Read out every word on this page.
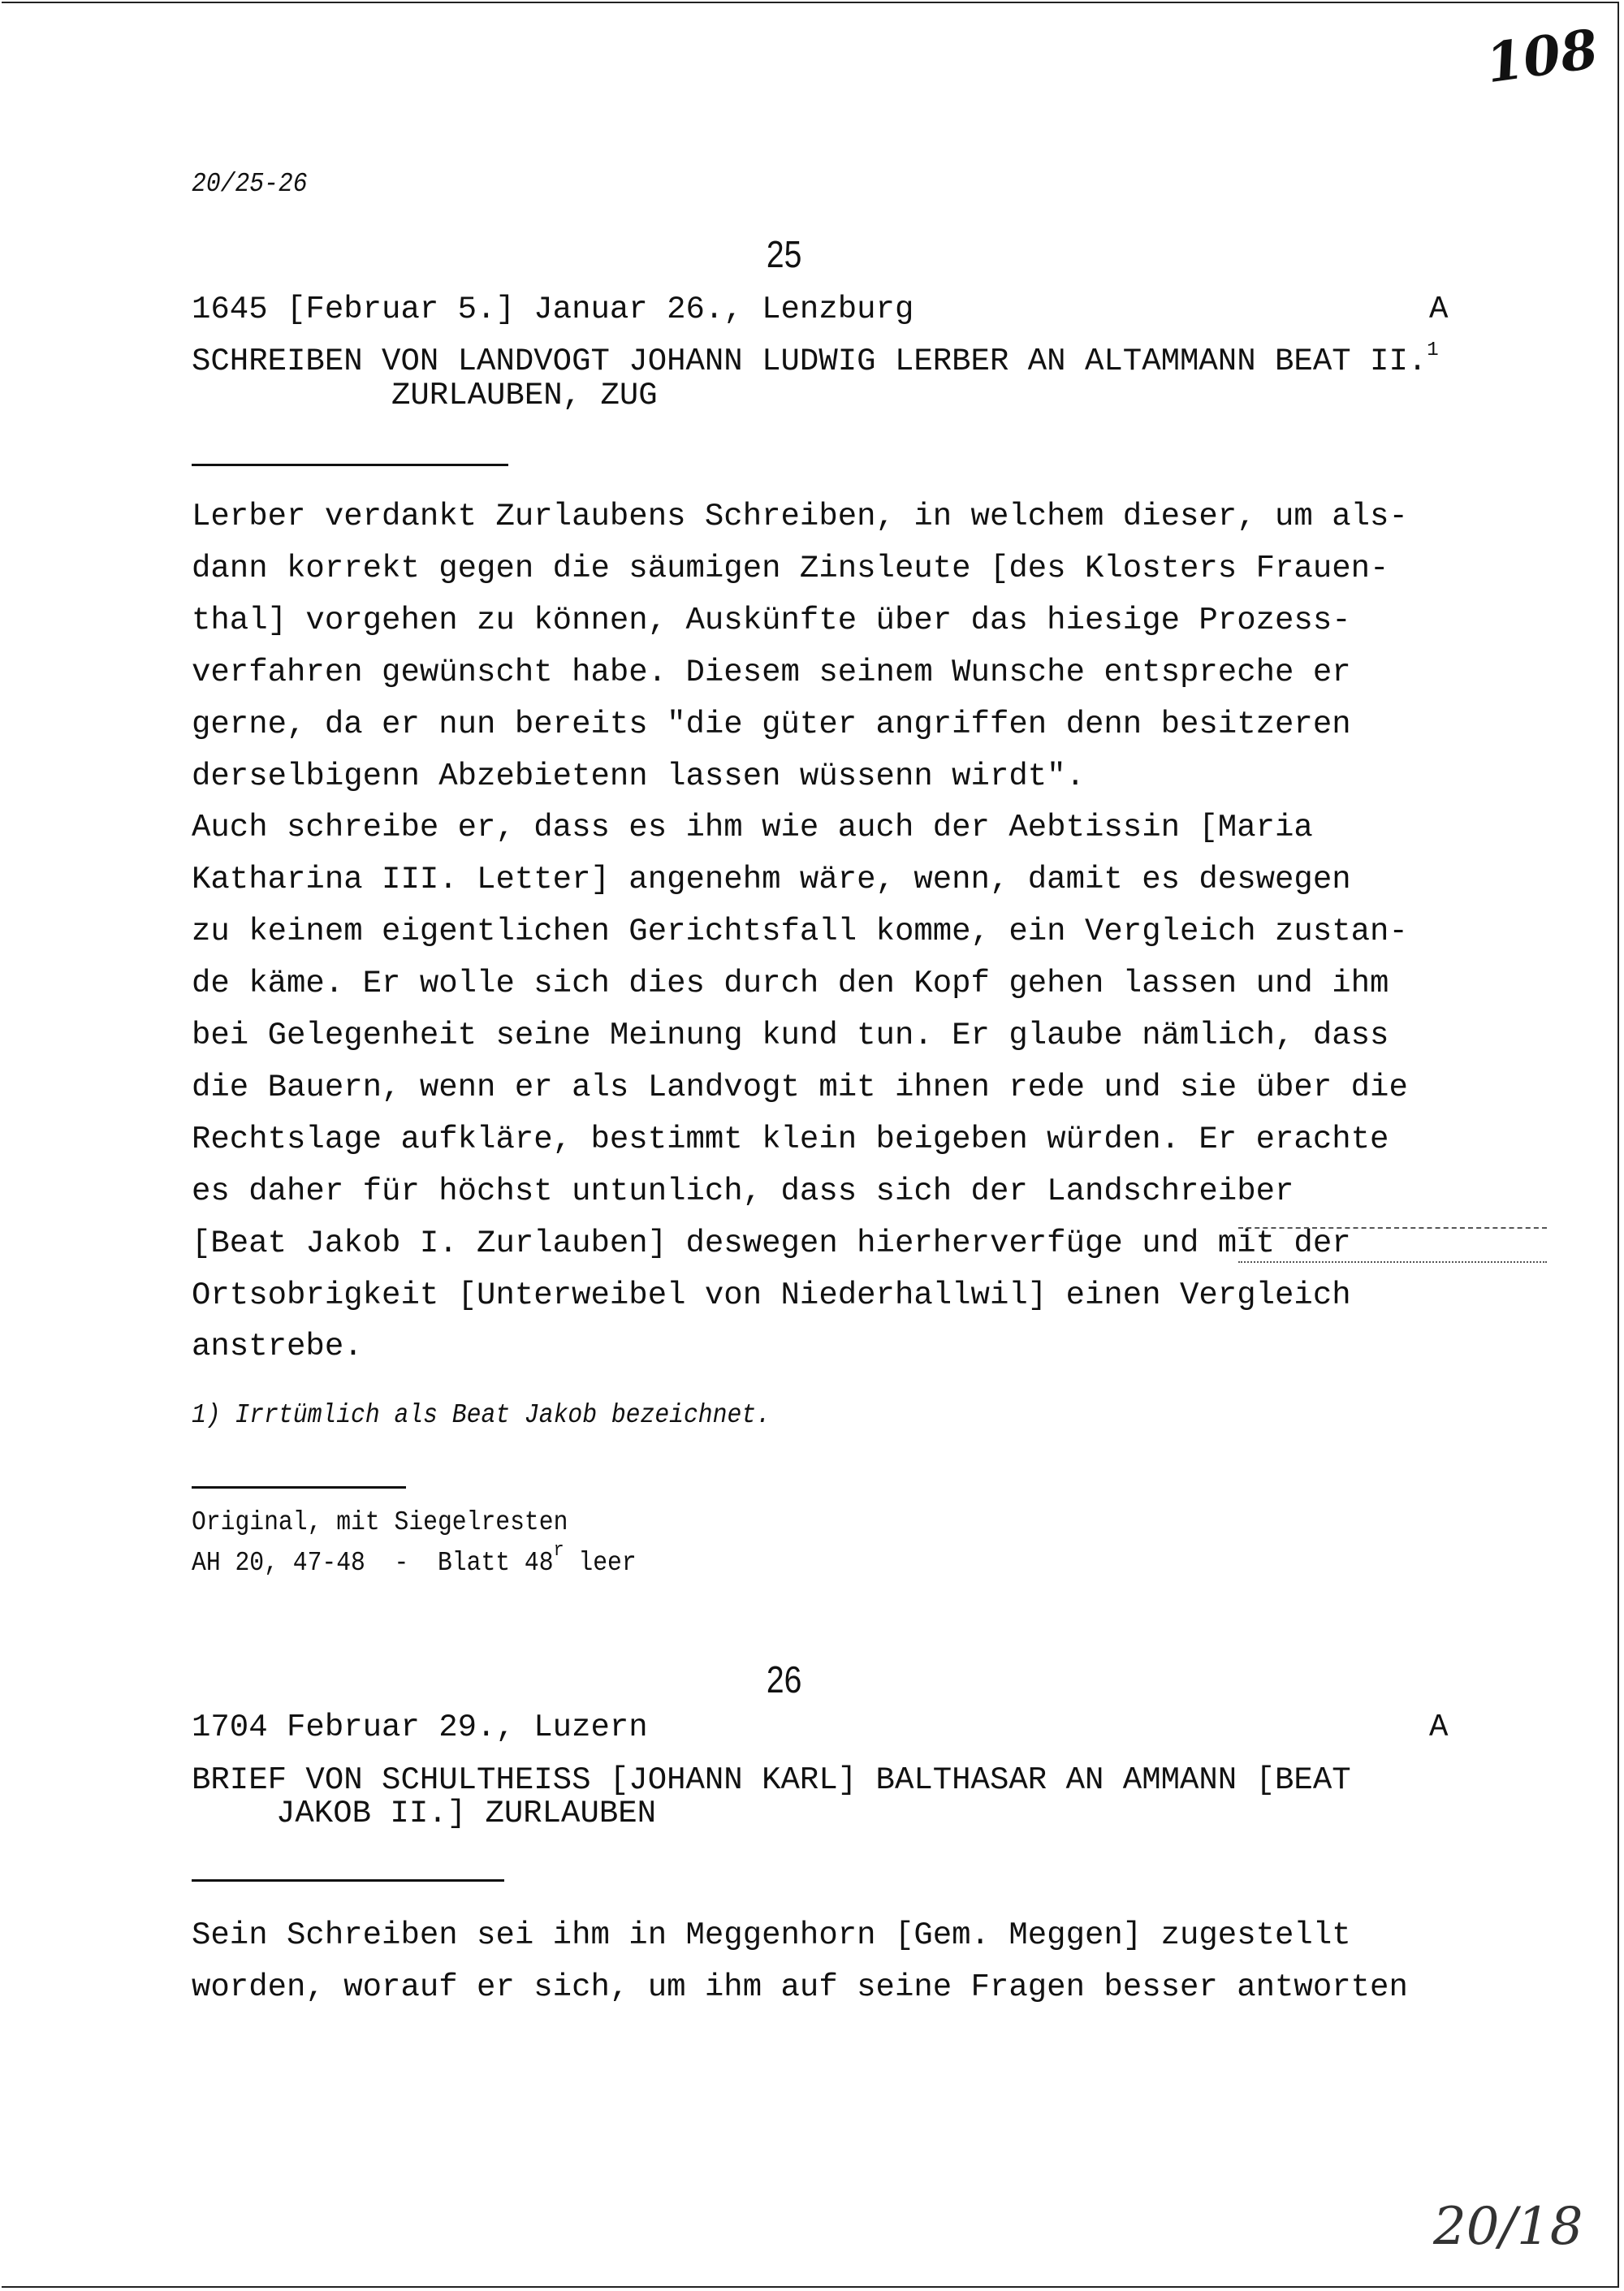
108
20/18
20/25-26
25
1645 [Februar 5.] Januar 26., Lenzburg	A
SCHREIBEN VON LANDVOGT JOHANN LUDWIG LERBER AN ALTAMMANN BEAT II.$^1$
ZURLAUBEN, ZUG
Lerber verdankt Zurlaubens Schreiben, in welchem dieser, um als-
dann korrekt gegen die säumigen Zinsleute [des Klosters Frauen-
thal] vorgehen zu können, Auskünfte über das hiesige Prozess-
verfahren gewünscht habe. Diesem seinem Wunsche entspreche er
gerne, da er nun bereits "die güter angriffen denn besitzeren
derselbigenn Abzebietenn lassen wüssenn wirdt".
Auch schreibe er, dass es ihm wie auch der Aebtissin [Maria
Katharina III. Letter] angenehm wäre, wenn, damit es deswegen
zu keinem eigentlichen Gerichtsfall komme, ein Vergleich zustan-
de käme. Er wolle sich dies durch den Kopf gehen lassen und ihm
bei Gelegenheit seine Meinung kund tun. Er glaube nämlich, dass
die Bauern, wenn er als Landvogt mit ihnen rede und sie über die
Rechtslage aufkläre, bestimmt klein beigeben würden. Er erachte
es daher für höchst untunlich, dass sich der Landschreiber
[Beat Jakob I. Zurlauben] deswegen hierherverfüge und mit der
Ortsobrigkeit [Unterweibel von Niederhallwil] einen Vergleich
anstrebe.
1) Irrtümlich als Beat Jakob bezeichnet.
Original, mit Siegelresten
AH 20, 47-48  -  Blatt 48$^r$ leer
26
1704 Februar 29., Luzern	A
BRIEF VON SCHULTHEISS [JOHANN KARL] BALTHASAR AN AMMANN [BEAT
JAKOB II.] ZURLAUBEN
Sein Schreiben sei ihm in Meggenhorn [Gem. Meggen] zugestellt
worden, worauf er sich, um ihm auf seine Fragen besser antworten
